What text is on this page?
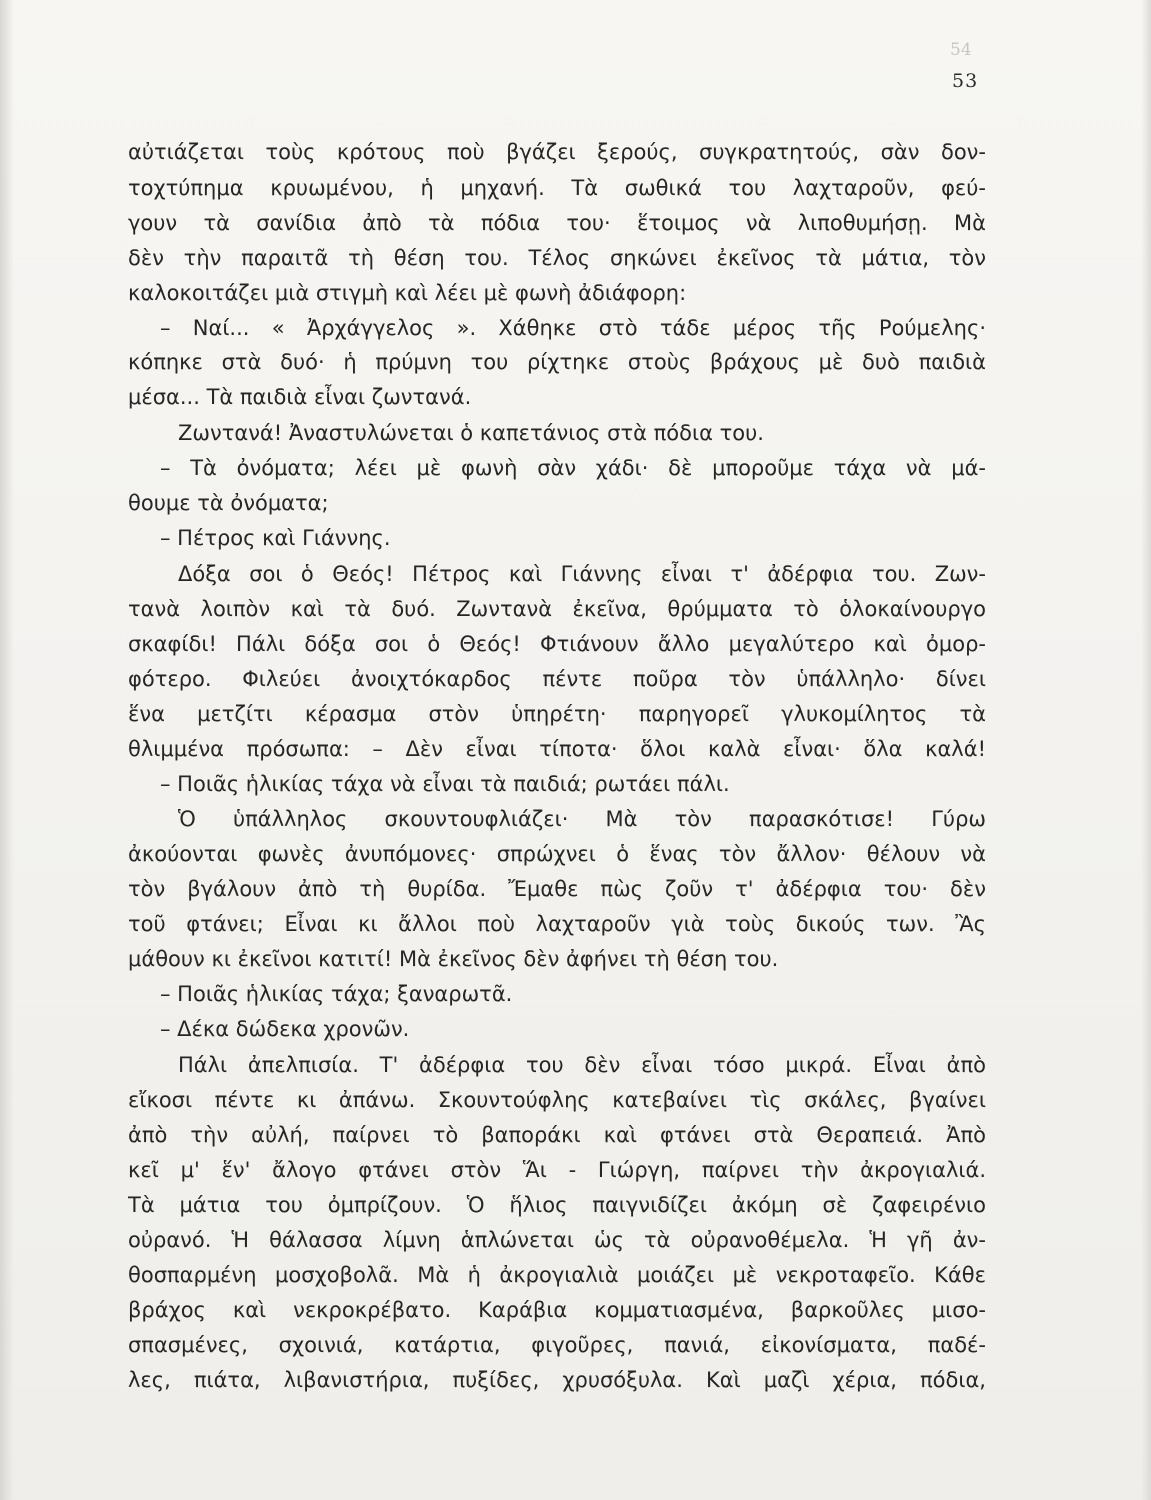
54
53
αὐτιάζεται τοὺς κρότους ποὺ βγάζει ξερούς, συγκρατητούς, σὰν δον-
τοχτύπημα κρυωμένου, ἡ μηχανή. Τὰ σωθικά του λαχταροῦν, φεύ-
γουν τὰ σανίδια ἀπὸ τὰ πόδια του· ἕτοιμος νὰ λιποθυμήσῃ. Μὰ
δὲν τὴν παραιτᾶ τὴ θέση του. Τέλος σηκώνει ἐκεῖνος τὰ μάτια, τὸν
καλοκοιτάζει μιὰ στιγμὴ καὶ λέει μὲ φωνὴ ἀδιάφορη:
– Ναί... « Ἀρχάγγελος ». Χάθηκε στὸ τάδε μέρος τῆς Ρούμελης·
κόπηκε στὰ δυό· ἡ πρύμνη του ρίχτηκε στοὺς βράχους μὲ δυὸ παιδιὰ
μέσα... Τὰ παιδιὰ εἶναι ζωντανά.
Ζωντανά! Ἀναστυλώνεται ὁ καπετάνιος στὰ πόδια του.
– Τὰ ὀνόματα; λέει μὲ φωνὴ σὰν χάδι· δὲ μποροῦμε τάχα νὰ μά-
θουμε τὰ ὀνόματα;
– Πέτρος καὶ Γιάννης.
Δόξα σοι ὁ Θεός! Πέτρος καὶ Γιάννης εἶναι τ' ἀδέρφια του. Ζων-
τανὰ λοιπὸν καὶ τὰ δυό. Ζωντανὰ ἐκεῖνα, θρύμματα τὸ ὁλοκαίνουργο
σκαφίδι! Πάλι δόξα σοι ὁ Θεός! Φτιάνουν ἄλλο μεγαλύτερο καὶ ὀμορ-
φότερο. Φιλεύει ἀνοιχτόκαρδος πέντε ποῦρα τὸν ὑπάλληλο· δίνει
ἕνα μετζίτι κέρασμα στὸν ὑπηρέτη· παρηγορεῖ γλυκομίλητος τὰ
θλιμμένα πρόσωπα: – Δὲν εἶναι τίποτα· ὅλοι καλὰ εἶναι· ὅλα καλά!
– Ποιᾶς ἡλικίας τάχα νὰ εἶναι τὰ παιδιά; ρωτάει πάλι.
Ὁ ὑπάλληλος σκουντουφλιάζει· Μὰ τὸν παρασκότισε! Γύρω
ἀκούονται φωνὲς ἀνυπόμονες· σπρώχνει ὁ ἕνας τὸν ἄλλον· θέλουν νὰ
τὸν βγάλουν ἀπὸ τὴ θυρίδα. Ἔμαθε πὼς ζοῦν τ' ἀδέρφια του· δὲν
τοῦ φτάνει; Εἶναι κι ἄλλοι ποὺ λαχταροῦν γιὰ τοὺς δικούς των. Ἂς
μάθουν κι ἐκεῖνοι κατιτί! Μὰ ἐκεῖνος δὲν ἀφήνει τὴ θέση του.
– Ποιᾶς ἡλικίας τάχα; ξαναρωτᾶ.
– Δέκα δώδεκα χρονῶν.
Πάλι ἀπελπισία. Τ' ἀδέρφια του δὲν εἶναι τόσο μικρά. Εἶναι ἀπὸ
εἴκοσι πέντε κι ἀπάνω. Σκουντούφλης κατεβαίνει τὶς σκάλες, βγαίνει
ἀπὸ τὴν αὐλή, παίρνει τὸ βαποράκι καὶ φτάνει στὰ Θεραπειά. Ἀπὸ
κεῖ μ' ἕν' ἄλογο φτάνει στὸν Ἅι - Γιώργη, παίρνει τὴν ἀκρογιαλιά.
Τὰ μάτια του ὀμπρίζουν. Ὁ ἥλιος παιγνιδίζει ἀκόμη σὲ ζαφειρένιο
οὐρανό. Ἡ θάλασσα λίμνη ἁπλώνεται ὡς τὰ οὐρανοθέμελα. Ἡ γῆ ἀν-
θοσπαρμένη μοσχοβολᾶ. Μὰ ἡ ἀκρογιαλιὰ μοιάζει μὲ νεκροταφεῖο. Κάθε
βράχος καὶ νεκροκρέβατο. Καράβια κομματιασμένα, βαρκοῦλες μισο-
σπασμένες, σχοινιά, κατάρτια, φιγοῦρες, πανιά, εἰκονίσματα, παδέ-
λες, πιάτα, λιβανιστήρια, πυξίδες, χρυσόξυλα. Καὶ μαζὶ χέρια, πόδια,
